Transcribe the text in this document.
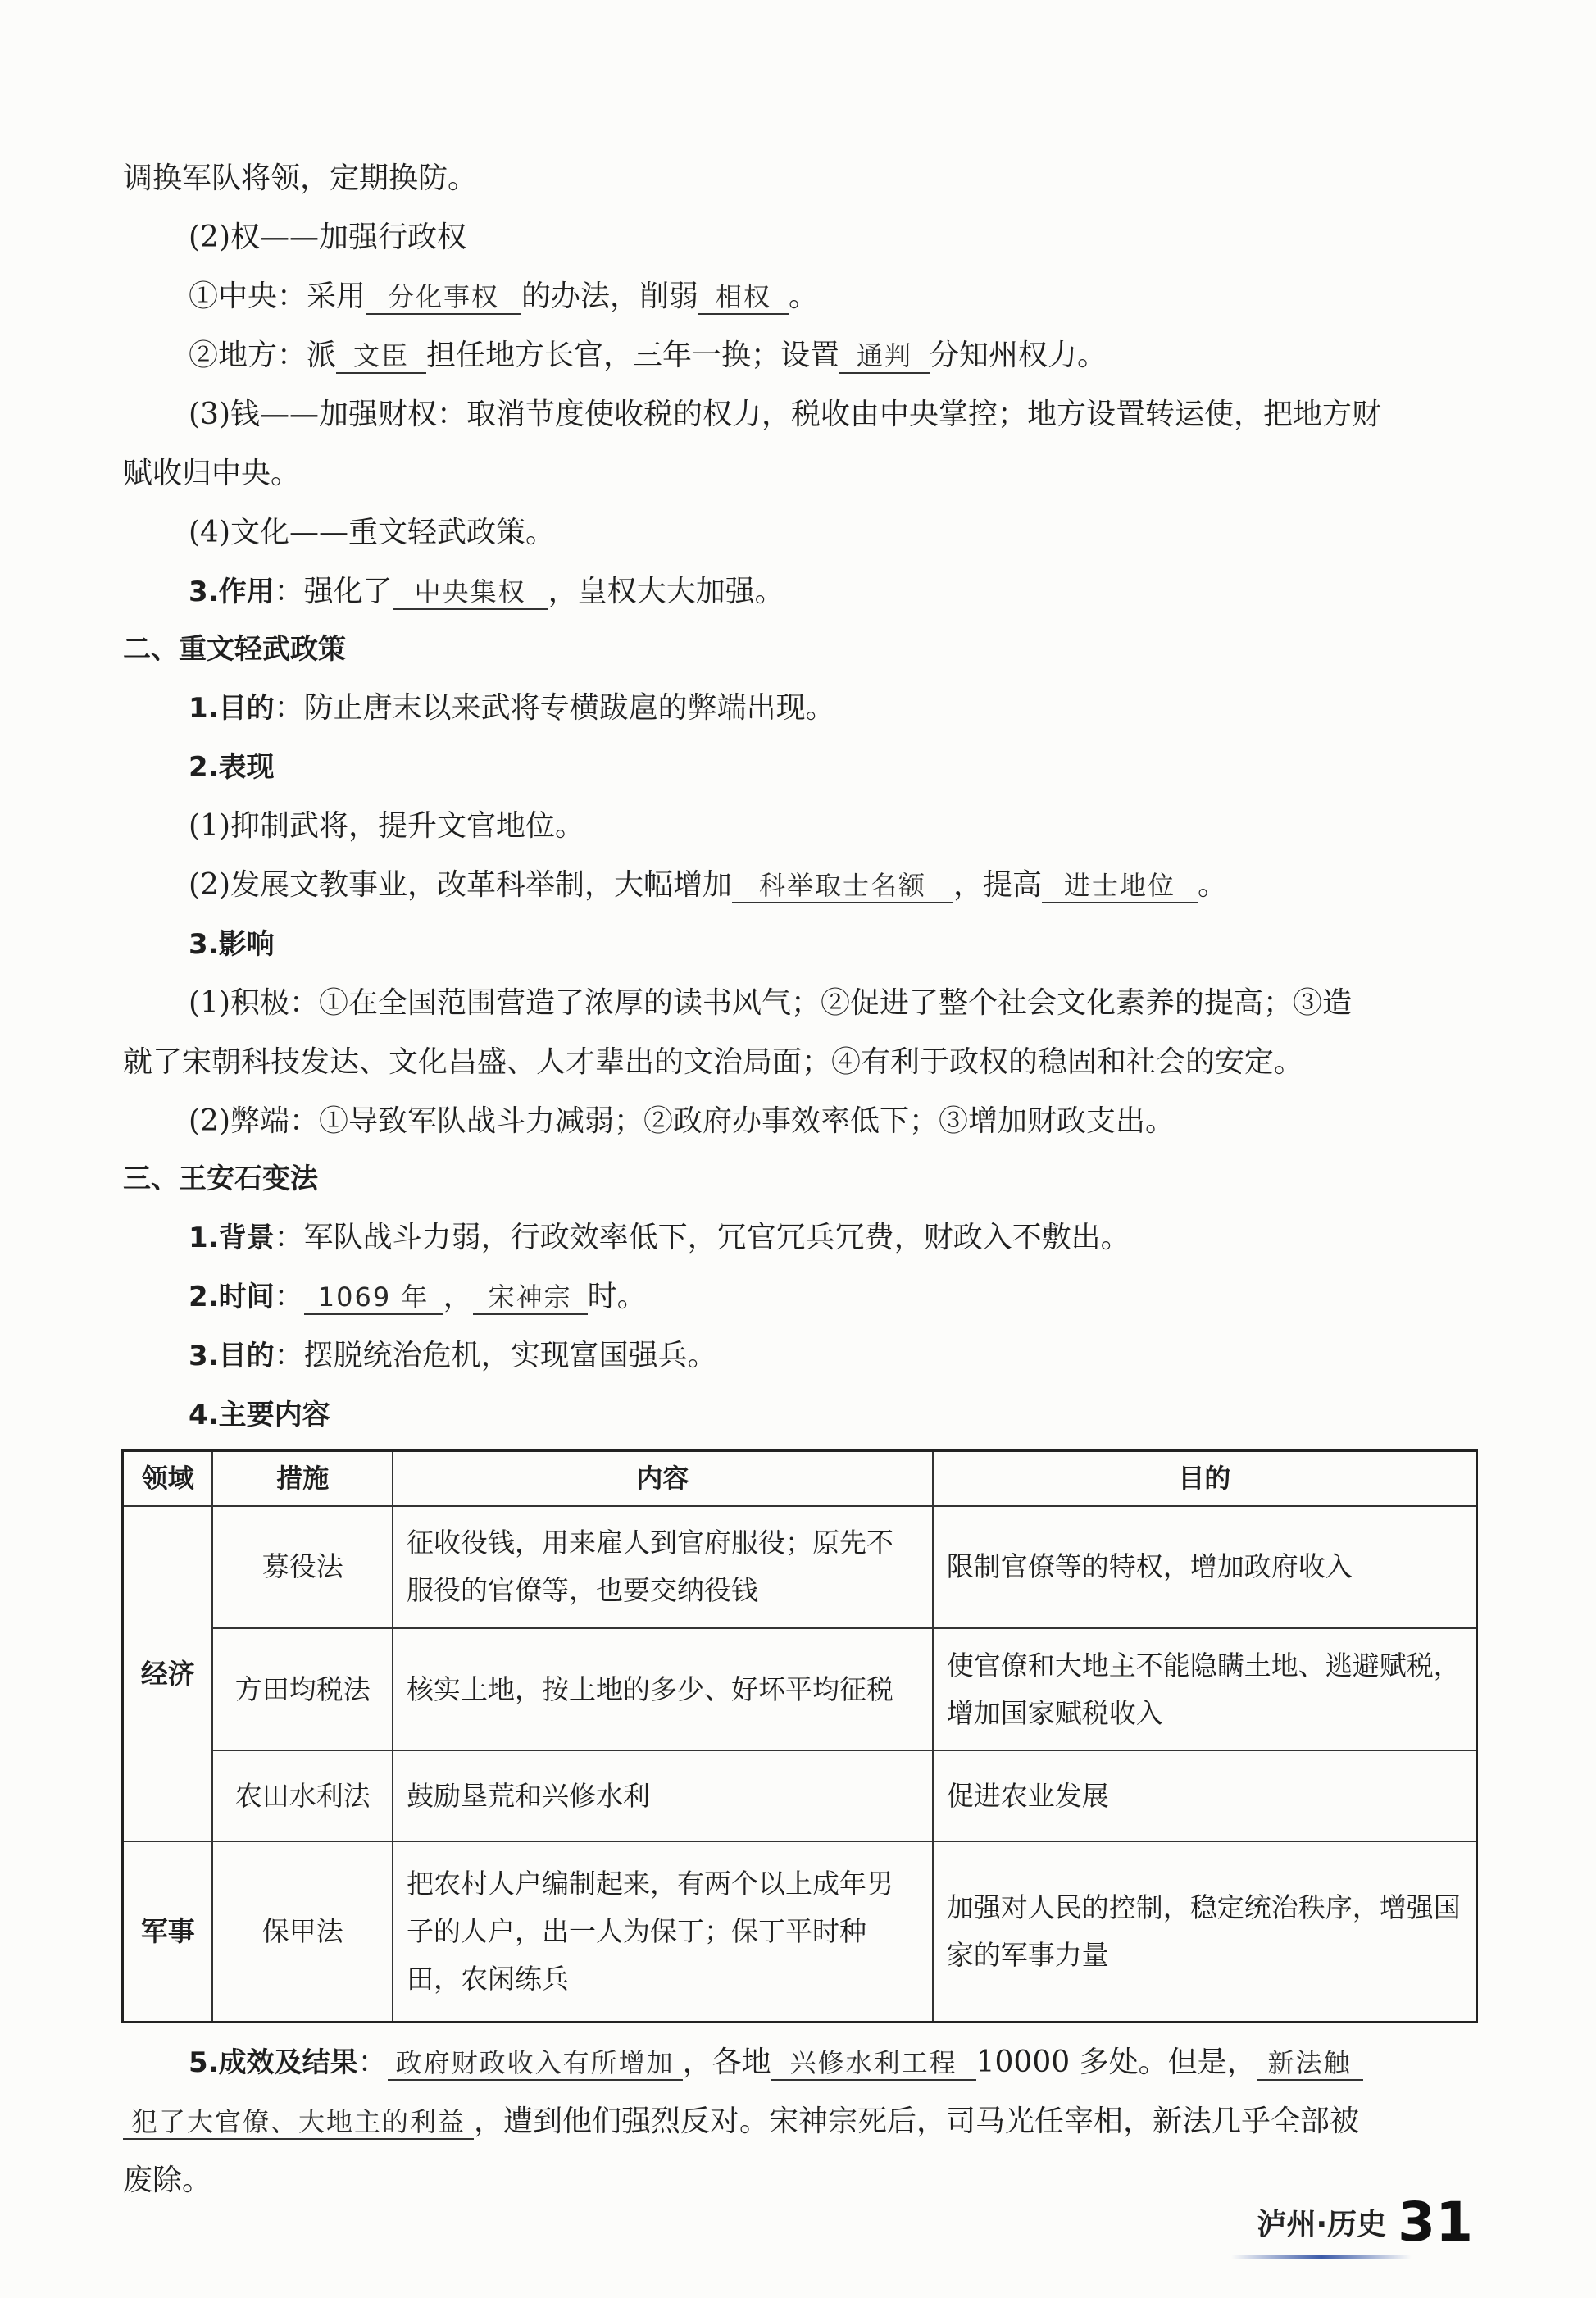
调换军队将领，定期换防。
(2)权——加强行政权
①中央：采用 分化事权 的办法，削弱 相权 。
②地方：派 文臣 担任地方长官，三年一换；设置 通判 分知州权力。
(3)钱——加强财权：取消节度使收税的权力，税收由中央掌控；地方设置转运使，把地方财
赋收归中央。
(4)文化——重文轻武政策。
3.作用：强化了 中央集权 ，皇权大大加强。
二、重文轻武政策
1.目的：防止唐末以来武将专横跋扈的弊端出现。
2.表现
(1)抑制武将，提升文官地位。
(2)发展文教事业，改革科举制，大幅增加 科举取士名额 ，提高 进士地位 。
3.影响
(1)积极：①在全国范围营造了浓厚的读书风气；②促进了整个社会文化素养的提高；③造
就了宋朝科技发达、文化昌盛、人才辈出的文治局面；④有利于政权的稳固和社会的安定。
(2)弊端：①导致军队战斗力减弱；②政府办事效率低下；③增加财政支出。
三、王安石变法
1.背景：军队战斗力弱，行政效率低下，冗官冗兵冗费，财政入不敷出。
2.时间： 1069 年 ， 宋神宗 时。
3.目的：摆脱统治危机，实现富国强兵。
4.主要内容
领域	措施	内容	目的
经济	募役法	征收役钱，用来雇人到官府服役；原先不服役的官僚等，也要交纳役钱	限制官僚等的特权，增加政府收入
	方田均税法	核实土地，按土地的多少、好坏平均征税	使官僚和大地主不能隐瞒土地、逃避赋税，增加国家赋税收入
	农田水利法	鼓励垦荒和兴修水利	促进农业发展
军事	保甲法	把农村人户编制起来，有两个以上成年男子的人户，出一人为保丁；保丁平时种田，农闲练兵	加强对人民的控制，稳定统治秩序，增强国家的军事力量
5.成效及结果： 政府财政收入有所增加 ，各地 兴修水利工程 10000 多处。但是， 新法触
犯了大官僚、大地主的利益 ，遭到他们强烈反对。宋神宗死后，司马光任宰相，新法几乎全部被
废除。
泸州·历史 31
